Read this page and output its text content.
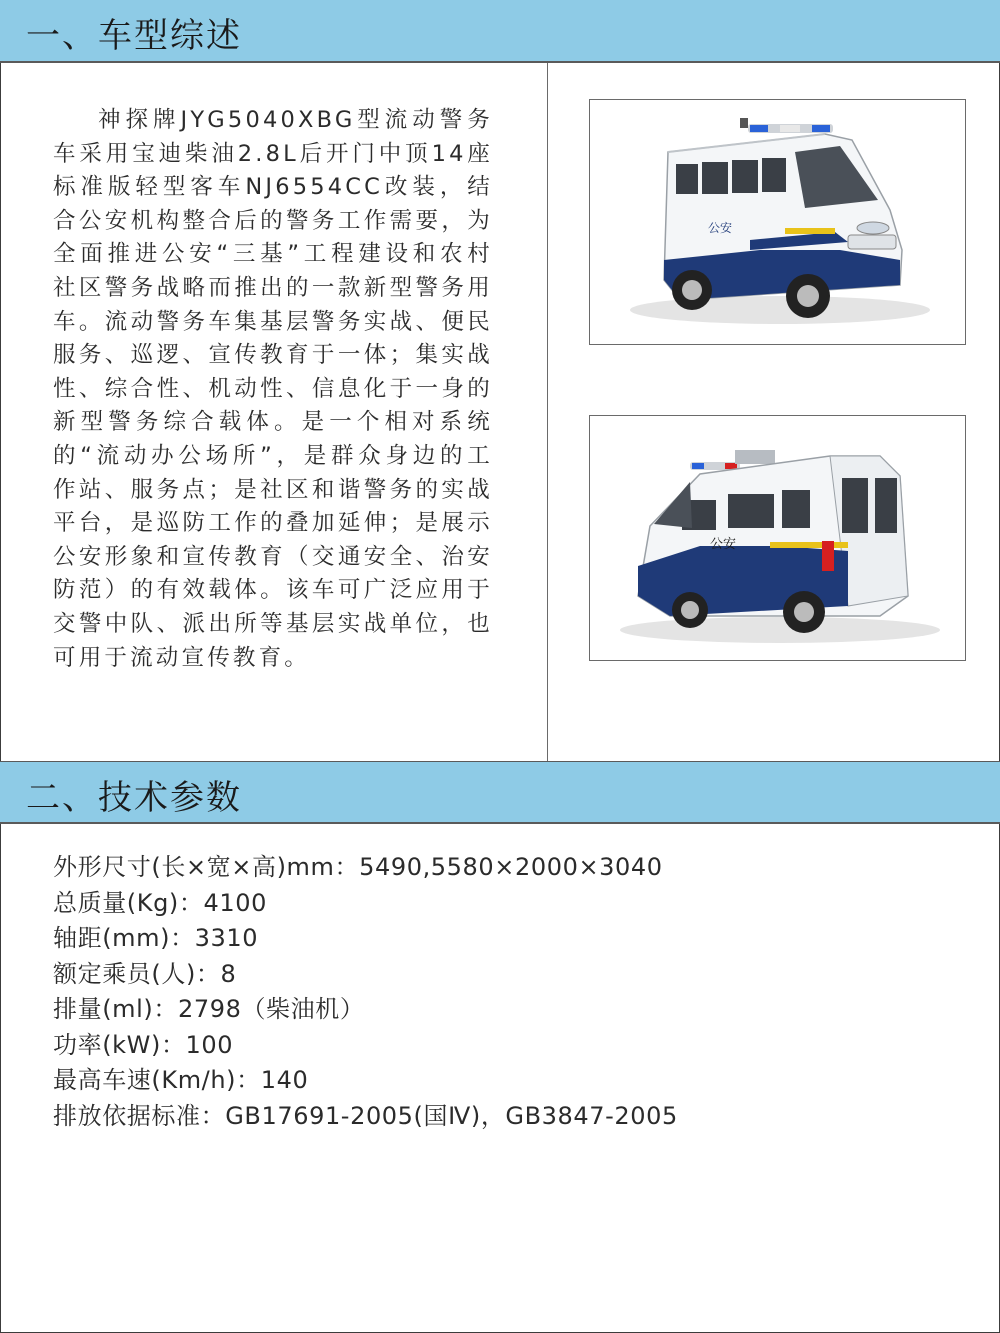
一、车型综述
神探牌JYG5040XBG型流动警务车采用宝迪柴油2.8L后开门中顶14座标准版轻型客车NJ6554CC改装，结合公安机构整合后的警务工作需要，为全面推进公安“三基”工程建设和农村社区警务战略而推出的一款新型警务用车。流动警务车集基层警务实战、便民服务、巡逻、宣传教育于一体；集实战性、综合性、机动性、信息化于一身的新型警务综合载体。是一个相对系统的“流动办公场所”，是群众身边的工作站、服务点；是社区和谐警务的实战平台，是巡防工作的叠加延伸；是展示公安形象和宣传教育（交通安全、治安防范）的有效载体。该车可广泛应用于交警中队、派出所等基层实战单位，也可用于流动宣传教育。
公安
公安
二、技术参数
外形尺寸(长×宽×高)mm：5490,5580×2000×3040
总质量(Kg)：4100
轴距(mm)：3310
额定乘员(人)：8
排量(ml)：2798（柴油机）
功率(kW)：100
最高车速(Km/h)：140
排放依据标准：GB17691-2005(国Ⅳ)，GB3847-2005
